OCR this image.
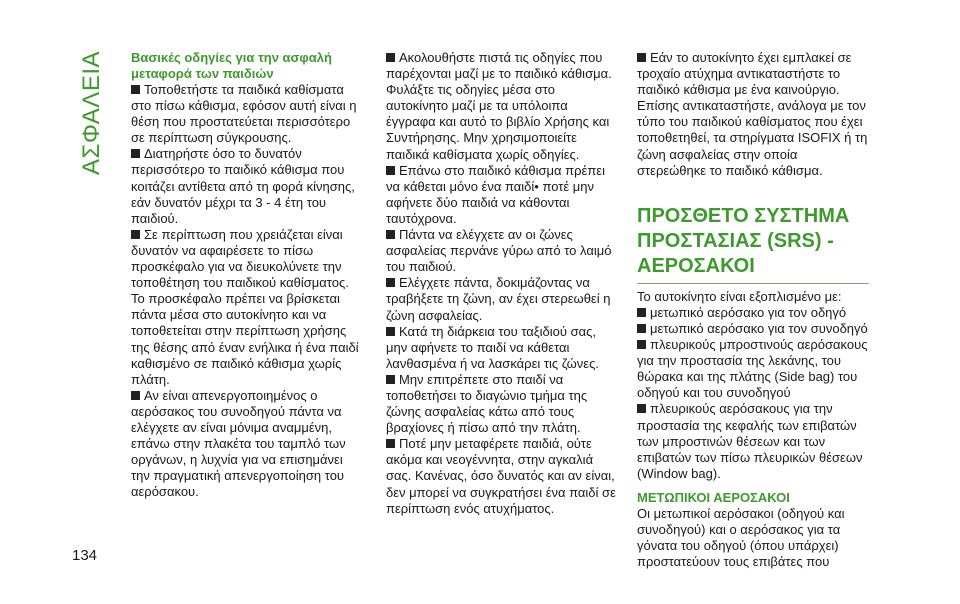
ΑΣΦΑΛΕΙΑ
134
Βασικές οδηγίες για την ασφαλή μεταφορά των παιδιών

Τοποθετήστε τα παιδικά καθίσματα στο πίσω κάθισμα, εφόσον αυτή είναι η θέση που προστατεύεται περισσότερο σε περίπτωση σύγκρουσης.

Διατηρήστε όσο το δυνατόν περισσότερο το παιδικό κάθισμα που κοιτάζει αντίθετα από τη φορά κίνησης, εάν δυνατόν μέχρι τα 3 - 4 έτη του παιδιού.

Σε περίπτωση που χρειάζεται είναι δυνατόν να αφαιρέσετε το πίσω προσκέφαλο για να διευκολύνετε την τοποθέτηση του παιδικού καθίσματος. Το προσκέφαλο πρέπει να βρίσκεται πάντα μέσα στο αυτοκίνητο και να τοποθετείται στην περίπτωση χρήσης της θέσης από έναν ενήλικα ή ένα παιδί καθισμένο σε παιδικό κάθισμα χωρίς πλάτη.

Αν είναι απενεργοποιημένος ο αερόσακος του συνοδηγού πάντα να ελέγχετε αν είναι μόνιμα αναμμένη, επάνω στην πλακέτα του ταμπλό των οργάνων, η λυχνία για να επισημάνει την πραγματική απενεργοποίηση του αερόσακου.

Ακολουθήστε πιστά τις οδηγίες που παρέχονται μαζί με το παιδικό κάθισμα. Φυλάξτε τις οδηγίες μέσα στο αυτοκίνητο μαζί με τα υπόλοιπα έγγραφα και αυτό το βιβλίο Χρήσης και Συντήρησης. Μην χρησιμοποιείτε παιδικά καθίσματα χωρίς οδηγίες.

Επάνω στο παιδικό κάθισμα πρέπει να κάθεται μόνο ένα παιδί• ποτέ μην αφήνετε δύο παιδιά να κάθονται ταυτόχρονα.

Πάντα να ελέγχετε αν οι ζώνες ασφαλείας περνάνε γύρω από το λαιμό του παιδιού.

Ελέγχετε πάντα, δοκιμάζοντας να τραβήξετε τη ζώνη, αν έχει στερεωθεί η ζώνη ασφαλείας.

Κατά τη διάρκεια του ταξιδιού σας, μην αφήνετε το παιδί να κάθεται λανθασμένα ή να λασκάρει τις ζώνες.

Μην επιτρέπετε στο παιδί να τοποθετήσει το διαγώνιο τμήμα της ζώνης ασφαλείας κάτω από τους βραχίονες ή πίσω από την πλάτη.

Ποτέ μην μεταφέρετε παιδιά, ούτε ακόμα και νεογέννητα, στην αγκαλιά σας. Κανένας, όσο δυνατός και αν είναι, δεν μπορεί να συγκρατήσει ένα παιδί σε περίπτωση ενός ατυχήματος.

Εάν το αυτοκίνητο έχει εμπλακεί σε τροχαίο ατύχημα αντικαταστήστε το παιδικό κάθισμα με ένα καινούργιο. Επίσης αντικαταστήστε, ανάλογα με τον τύπο του παιδικού καθίσματος που έχει τοποθετηθεί, τα στηρίγματα ISOFIX ή τη ζώνη ασφαλείας στην οποία στερεώθηκε το παιδικό κάθισμα.

ΠΡΟΣΘΕΤΟ ΣΥΣΤΗΜΑ ΠΡΟΣΤΑΣΙΑΣ (SRS) - ΑΕΡΟΣΑΚΟΙ

Το αυτοκίνητο είναι εξοπλισμένο με:

μετωπικό αερόσακο για τον οδηγό

μετωπικό αερόσακο για τον συνοδηγό

πλευρικούς μπροστινούς αερόσακους για την προστασία της λεκάνης, του θώρακα και της πλάτης (Side bag) του οδηγού και του συνοδηγού

πλευρικούς αερόσακους για την προστασία της κεφαλής των επιβατών των μπροστινών θέσεων και των επιβατών των πίσω πλευρικών θέσεων (Window bag).

ΜΕΤΩΠΙΚΟΙ ΑΕΡΟΣΑΚΟΙ

Οι μετωπικοί αερόσακοι (οδηγού και συνοδηγού) και ο αερόσακος για τα γόνατα του οδηγού (όπου υπάρχει) προστατεύουν τους επιβάτες που
